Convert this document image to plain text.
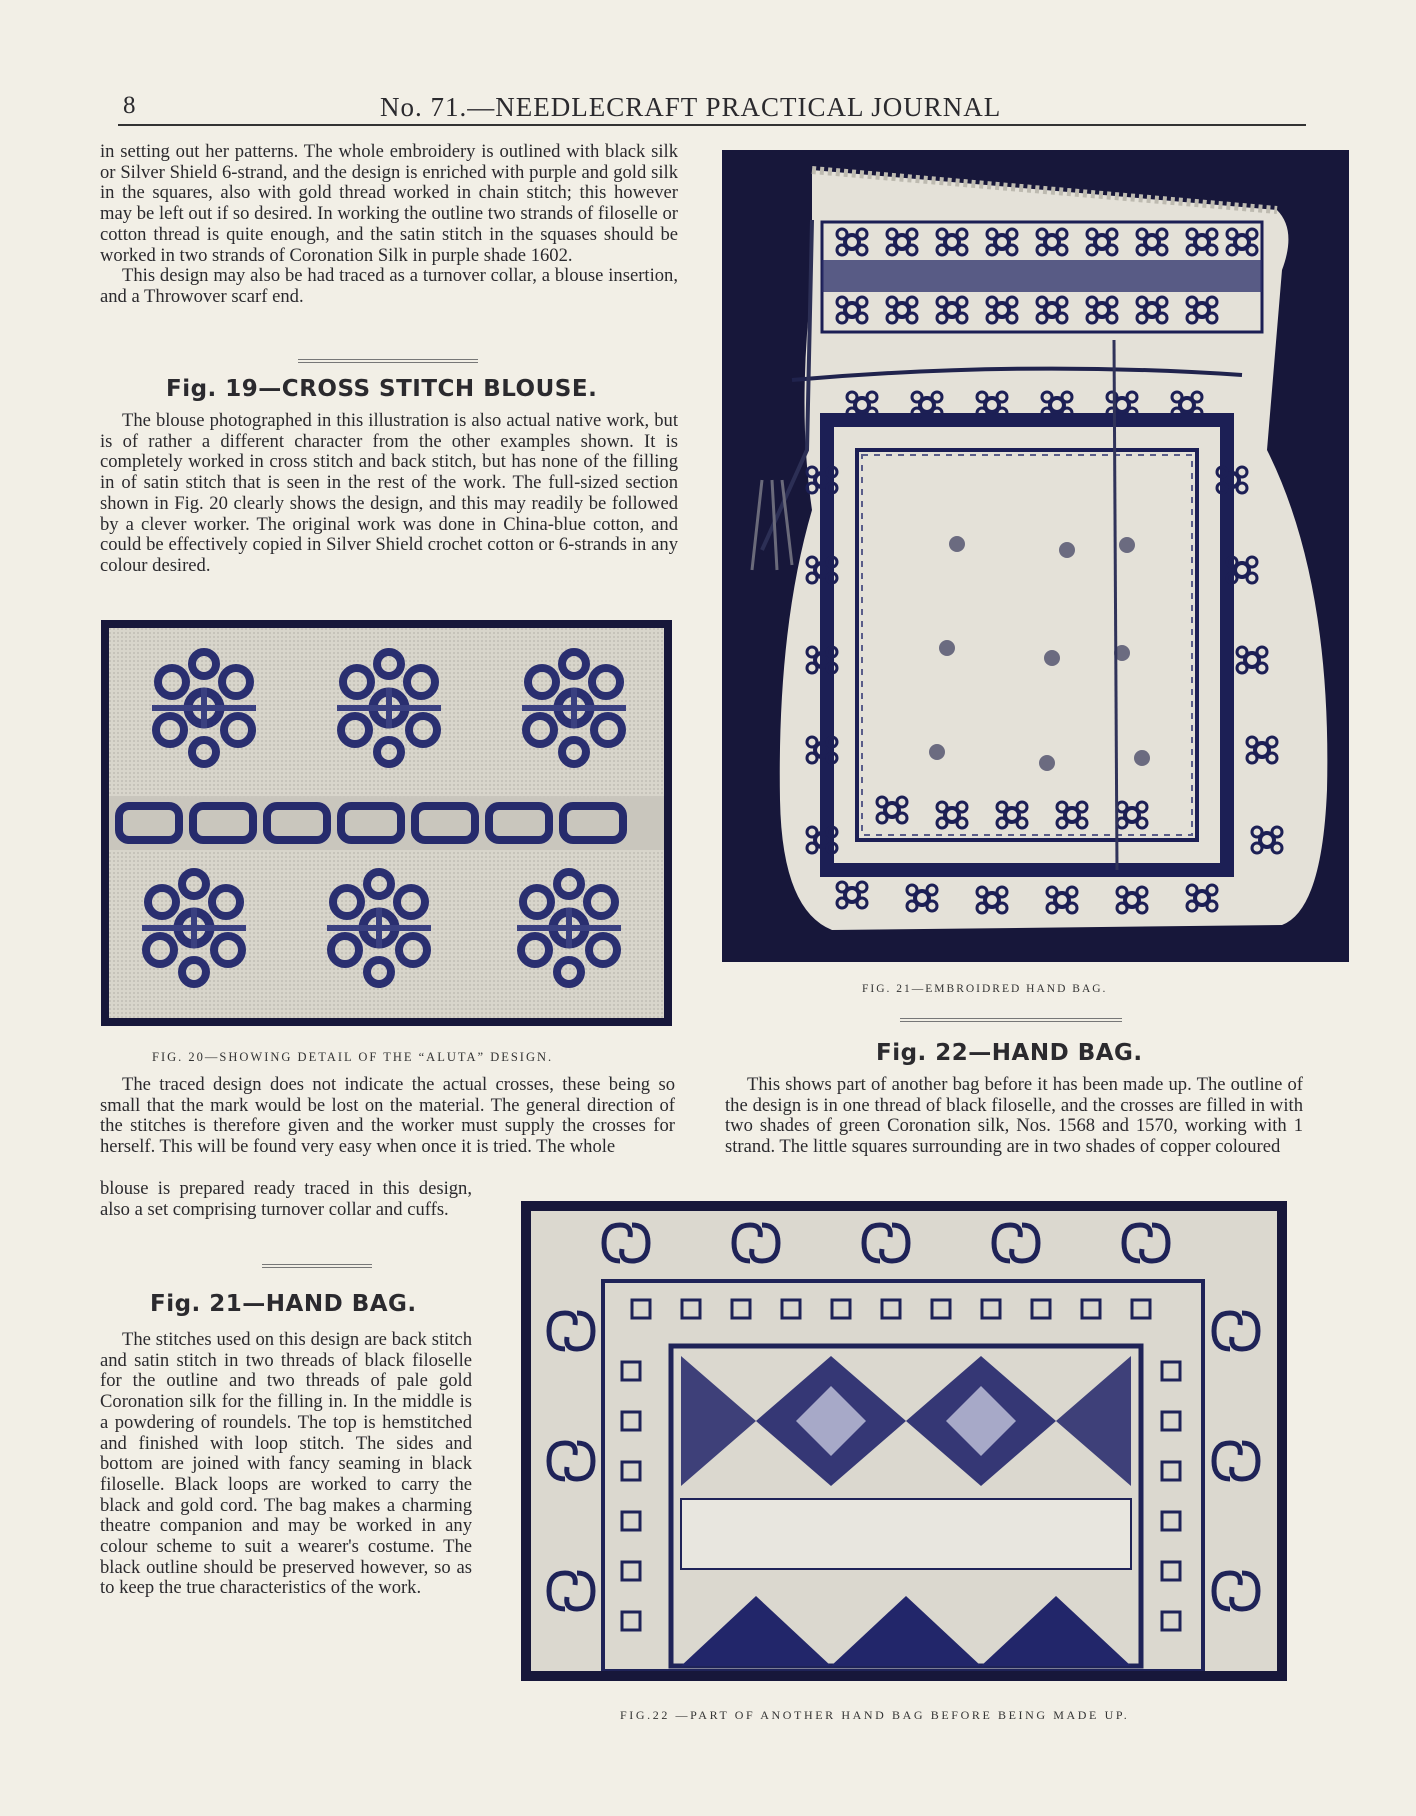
8	No. 71.—NEEDLECRAFT PRACTICAL JOURNAL

in setting out her patterns. The whole embroidery is outlined with black silk or Silver Shield 6-strand, and the design is enriched with purple and gold silk in the squares, also with gold thread worked in chain stitch; this however may be left out if so desired. In working the outline two strands of filoselle or cotton thread is quite enough, and the satin stitch in the squases should be worked in two strands of Coronation Silk in purple shade 1602.

This design may also be had traced as a turnover collar, a blouse insertion, and a Throwover scarf end.

Fig. 19—CROSS STITCH BLOUSE.

The blouse photographed in this illustration is also actual native work, but is of rather a different character from the other examples shown. It is completely worked in cross stitch and back stitch, but has none of the filling in of satin stitch that is seen in the rest of the work. The full-sized section shown in Fig. 20 clearly shows the design, and this may readily be followed by a clever worker. The original work was done in China-blue cotton, and could be effectively copied in Silver Shield crochet cotton or 6-strands in any colour desired.

FIG. 20—SHOWING DETAIL OF THE “ALUTA” DESIGN.

The traced design does not indicate the actual crosses, these being so small that the mark would be lost on the material. The general direction of the stitches is therefore given and the worker must supply the crosses for herself. This will be found very easy when once it is tried. The whole

blouse is prepared ready traced in this design, also a set comprising turnover collar and cuffs.

Fig. 21—HAND BAG.

The stitches used on this design are back stitch and satin stitch in two threads of black filoselle for the outline and two threads of pale gold Coronation silk for the filling in. In the middle is a powdering of roundels. The top is hemstitched and finished with loop stitch. The sides and bottom are joined with fancy seaming in black filoselle. Black loops are worked to carry the black and gold cord. The bag makes a charming theatre companion and may be worked in any colour scheme to suit a wearer's costume. The black outline should be preserved however, so as to keep the true characteristics of the work.

FIG. 21—EMBROIDRED HAND BAG.
Fig. 22—HAND BAG.

This shows part of another bag before it has been made up. The outline of the design is in one thread of black filoselle, and the crosses are filled in with two shades of green Coronation silk, Nos. 1568 and 1570, working with 1 strand. The little squares surrounding are in two shades of copper coloured

FIG.22 —PART OF ANOTHER HAND BAG BEFORE BEING MADE UP.
